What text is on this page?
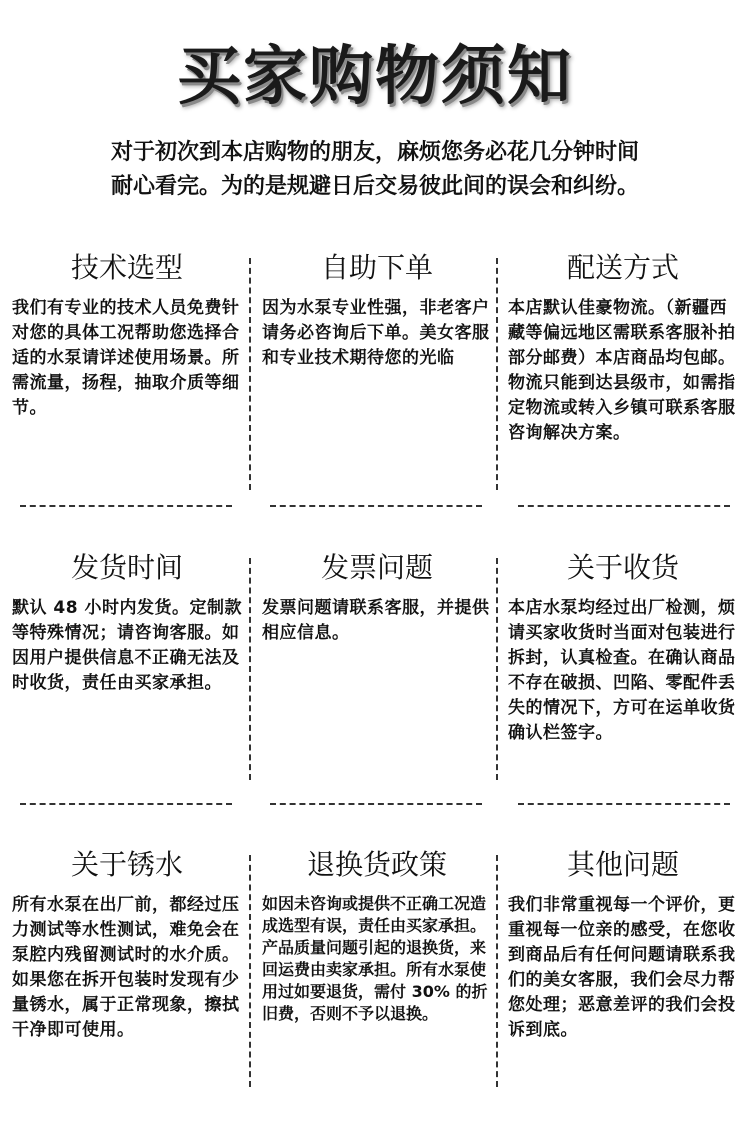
买家购物须知
对于初次到本店购物的朋友，麻烦您务必花几分钟时间
耐心看完。为的是规避日后交易彼此间的误会和纠纷。
技术选型

我们有专业的技术人员免费针对您的具体工况帮助您选择合适的水泵请详述使用场景。所需流量，扬程，抽取介质等细节。

自助下单

因为水泵专业性强，非老客户请务必咨询后下单。美女客服和专业技术期待您的光临

配送方式

本店默认佳豪物流。（新疆西藏等偏远地区需联系客服补拍部分邮费）本店商品均包邮。物流只能到达县级市，如需指定物流或转入乡镇可联系客服咨询解决方案。

发货时间

默认 48 小时内发货。定制款等特殊情况；请咨询客服。如因用户提供信息不正确无法及时收货，责任由买家承担。

发票问题

发票问题请联系客服，并提供相应信息。

关于收货

本店水泵均经过出厂检测，烦请买家收货时当面对包装进行拆封，认真检查。在确认商品不存在破损、凹陷、零配件丢失的情况下，方可在运单收货确认栏签字。

关于锈水

所有水泵在出厂前，都经过压力测试等水性测试，难免会在泵腔内残留测试时的水介质。如果您在拆开包装时发现有少量锈水，属于正常现象，擦拭干净即可使用。

退换货政策

如因未咨询或提供不正确工况造成选型有误，责任由买家承担。产品质量问题引起的退换货，来回运费由卖家承担。所有水泵使用过如要退货，需付 30% 的折旧费，否则不予以退换。

其他问题

我们非常重视每一个评价，更重视每一位亲的感受，在您收到商品后有任何问题请联系我们的美女客服，我们会尽力帮您处理；恶意差评的我们会投诉到底。
